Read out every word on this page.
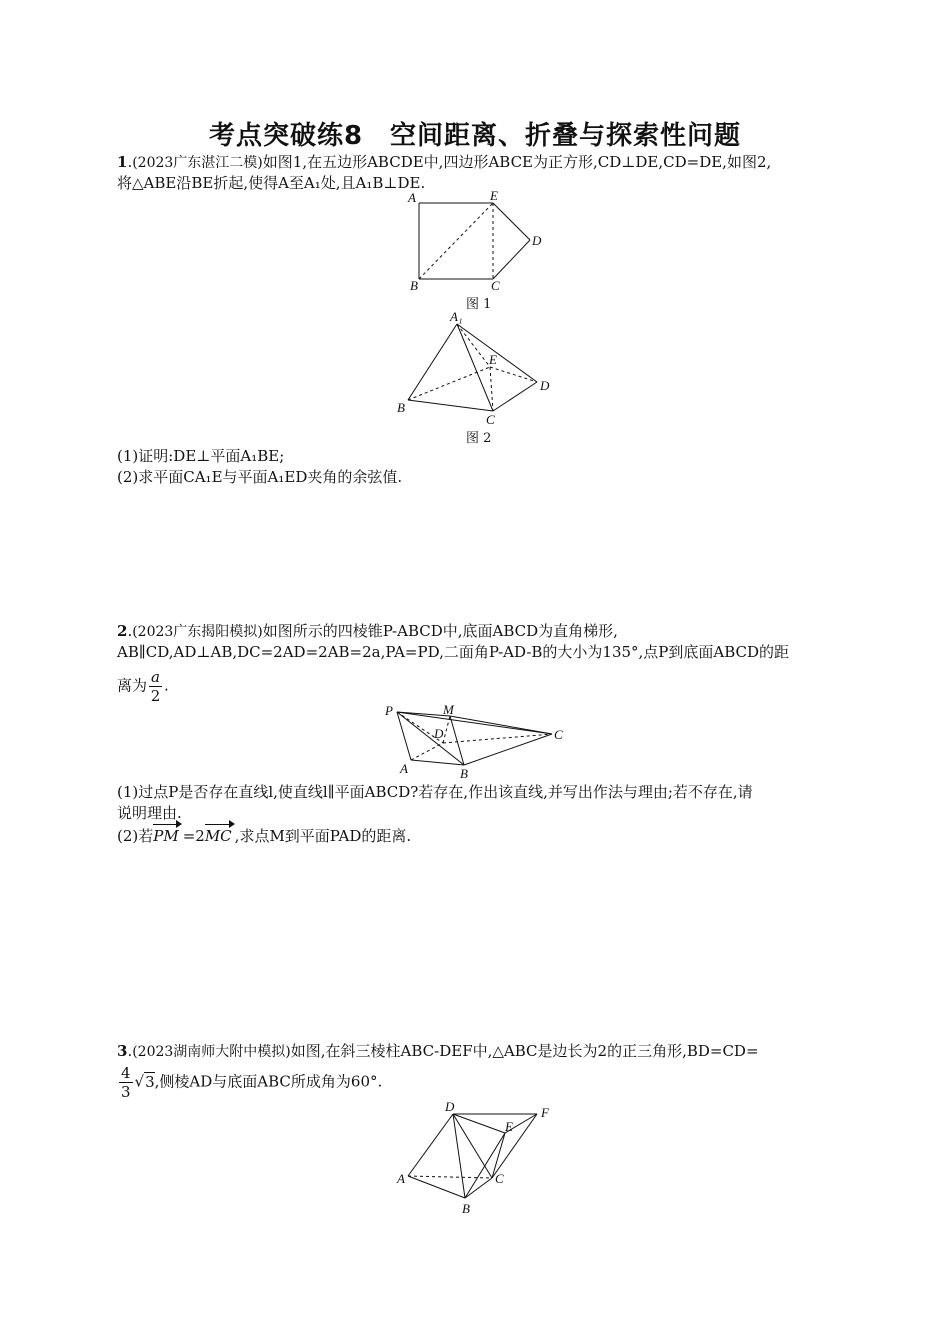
考点突破练8　空间距离、折叠与探索性问题
1.(2023广东湛江二模)如图1,在五边形ABCDE中,四边形ABCE为正方形,CD⊥DE,CD=DE,如图2,
将△ABE沿BE折起,使得A至A₁处,且A₁B⊥DE.
A	E
D
B	C
图 1
A₁
E
D
B
C
图 2
(1)证明:DE⊥平面A₁BE;
(2)求平面CA₁E与平面A₁ED夹角的余弦值.
2.(2023广东揭阳模拟)如图所示的四棱锥P-ABCD中,底面ABCD为直角梯形,
AB∥CD,AD⊥AB,DC=2AD=2AB=2a,PA=PD,二面角P-AD-B的大小为135°,点P到底面ABCD的距
离为 $\frac{a}{2}$ .
P	M
D	C
A	B
(1)过点P是否存在直线l,使直线l∥平面ABCD?若存在,作出该直线,并写出作法与理由;若不存在,请
说明理由.
(2)若PM =2MC ,求点M到平面PAD的距离.
3.(2023湖南师大附中模拟)如图,在斜三棱柱ABC-DEF中,△ABC是边长为2的正三角形,BD=CD=
$\frac{4}{3} √3$,侧棱AD与底面ABC所成角为60°.
D	F
E
A	C
B
